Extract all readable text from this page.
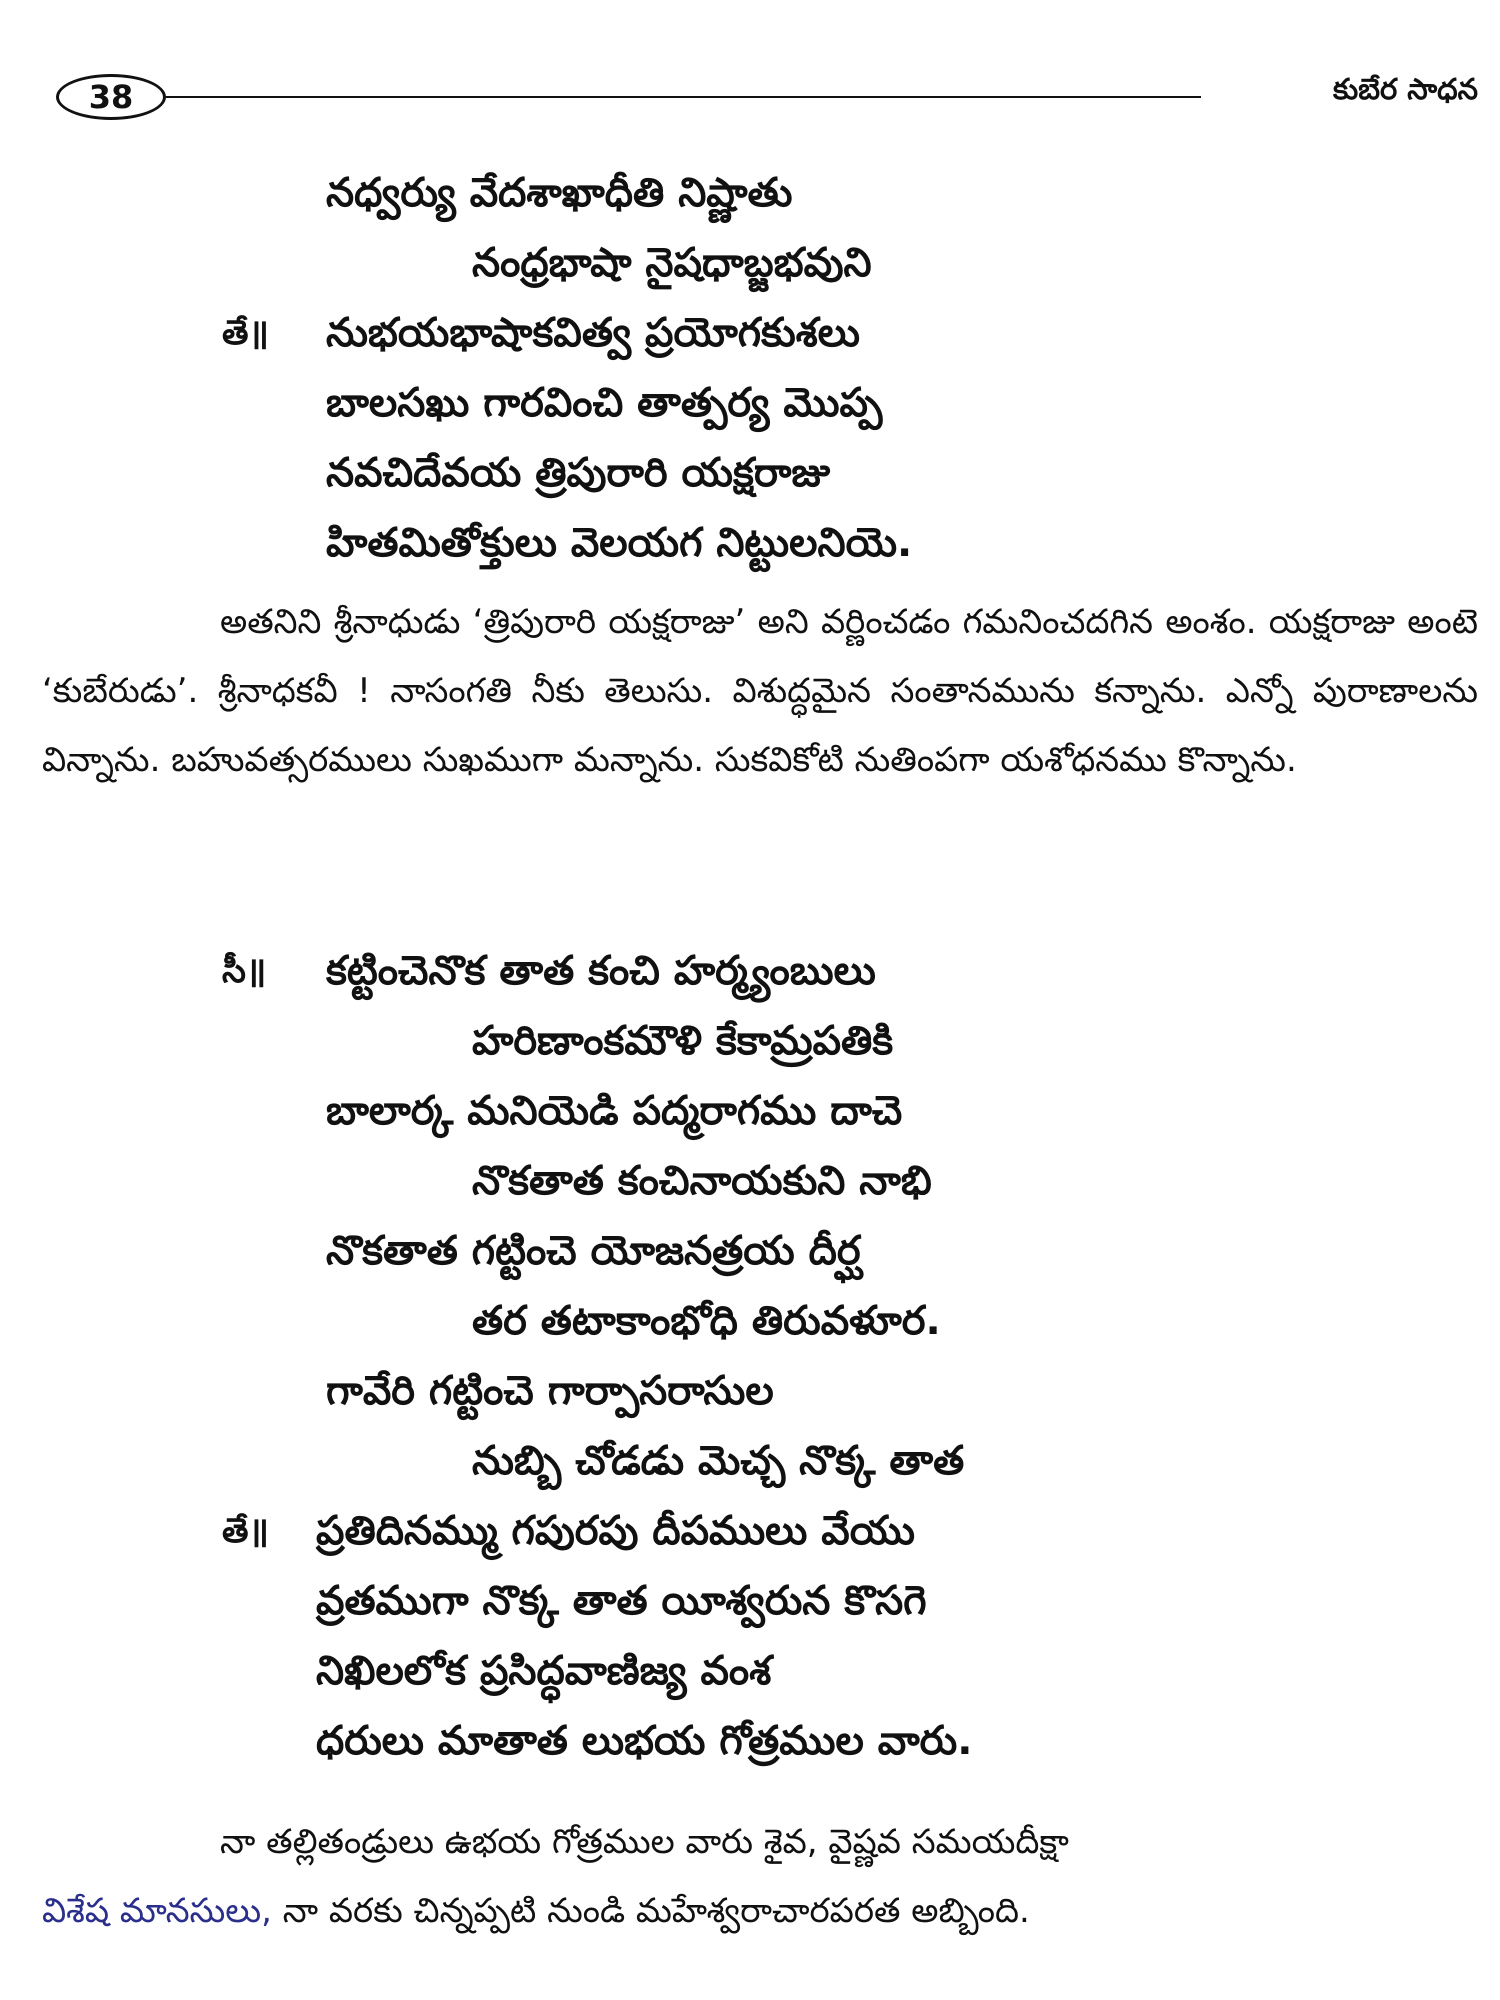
38	కుబేర సాధన
నధ్వర్యు వేదశాఖాధీతి నిష్ణాతు
నంధ్రభాషా నైషధాబ్జభవుని
తే॥ నుభయభాషాకవిత్వ ప్రయోగకుశలు
బాలసఖు గారవించి తాత్పర్య మొప్ప
నవచిదేవయ త్రిపురారి యక్షరాజు
హితమితోక్తులు వెలయగ నిట్టులనియె.
అతనిని శ్రీనాధుడు ‘త్రిపురారి యక్షరాజు’ అని వర్ణించడం గమనించదగిన అంశం. యక్షరాజు అంటె ‘కుబేరుడు’. శ్రీనాధకవీ ! నాసంగతి నీకు తెలుసు. విశుద్ధమైన సంతానమును కన్నాను. ఎన్నో పురాణాలను విన్నాను. బహువత్సరములు సుఖముగా మన్నాను. సుకవికోటి నుతింపగా యశోధనము కొన్నాను.
సీ॥ కట్టించెనొక తాత కంచి హర్మ్యంబులు
హరిణాంకమౌళి కేకామ్రపతికి
బాలార్క మనియెడి పద్మరాగము దాచె
నొకతాత కంచినాయకుని నాభి
నొకతాత గట్టించె యోజనత్రయ దీర్ఘ
తర తటాకాంభోధి తిరువళూర.
గావేరి గట్టించె గార్పాసరాసుల
నుబ్బి చోడడు మెచ్చ నొక్క తాత
తే॥ ప్రతిదినమ్ము గపురపు దీపములు వేయు
వ్రతముగా నొక్క తాత యీశ్వరున కొసగె
నిఖిలలోక ప్రసిద్ధవాణిజ్య వంశ
ధరులు మాతాత లుభయ గోత్రముల వారు.
నా తల్లితండ్రులు ఉభయ గోత్రముల వారు శైవ, వైష్ణవ సమయదీక్షా
విశేష మానసులు, నా వరకు చిన్నప్పటి నుండి మహేశ్వరాచారపరత అబ్బింది.
